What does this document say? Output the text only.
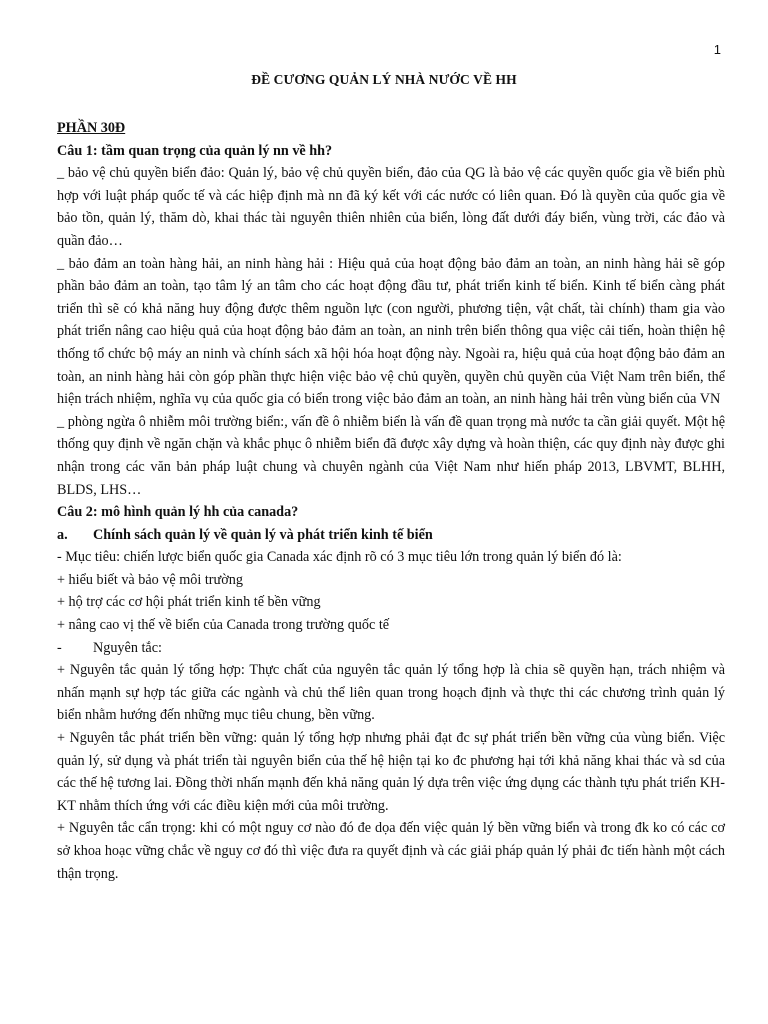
1
ĐỀ CƯƠNG QUẢN LÝ NHÀ NƯỚC VỀ HH

PHẦN 30Đ

Câu 1: tầm quan trọng của quản lý nn về hh?

_ bảo vệ chủ quyền biển đảo: Quản lý, bảo vệ chủ quyền biển, đảo của QG là bảo vệ các quyền quốc gia về biển phù hợp với luật pháp quốc tế và các hiệp định mà nn đã ký kết với các nước có liên quan. Đó là quyền của quốc gia về bảo tồn, quản lý, thăm dò, khai thác tài nguyên thiên nhiên của biển, lòng đất dưới đáy biển, vùng trời, các đảo và quần đảo…

_ bảo đảm an toàn hàng hải, an ninh hàng hải : Hiệu quả của hoạt động bảo đảm an toàn, an ninh hàng hải sẽ góp phần bảo đảm an toàn, tạo tâm lý an tâm cho các hoạt động đầu tư, phát triển kinh tế biển. Kinh tế biển càng phát triển thì sẽ có khả năng huy động được thêm nguồn lực (con người, phương tiện, vật chất, tài chính) tham gia vào phát triển nâng cao hiệu quả của hoạt động bảo đảm an toàn, an ninh trên biển thông qua việc cải tiến, hoàn thiện hệ thống tổ chức bộ máy an ninh và chính sách xã hội hóa hoạt động này. Ngoài ra, hiệu quả của hoạt động bảo đảm an toàn, an ninh hàng hải còn góp phần thực hiện việc bảo vệ chủ quyền, quyền chủ quyền của Việt Nam trên biển, thể hiện trách nhiệm, nghĩa vụ của quốc gia có biển trong việc bảo đảm an toàn, an ninh hàng hải trên vùng biển của VN

_ phòng ngừa ô nhiễm môi trường biển:, vấn đề ô nhiễm biển là vấn đề quan trọng mà nước ta cần giải quyết. Một hệ thống quy định về ngăn chặn và khắc phục ô nhiễm biển đã được xây dựng và hoàn thiện, các quy định này được ghi nhận trong các văn bản pháp luật chung và chuyên ngành của Việt Nam như hiến pháp 2013, LBVMT, BLHH, BLDS, LHS…

Câu 2: mô hình quản lý hh của canada?

a.	Chính sách quản lý về quản lý và phát triển kinh tế biển

- Mục tiêu: chiến lược biển quốc gia Canada xác định rõ có 3 mục tiêu lớn trong quản lý biển đó là:

+ hiểu biết và bảo vệ môi trường

+ hộ trợ các cơ hội phát triển kinh tế bền vững

+ nâng cao vị thế về biển của Canada trong trường quốc tế

-	Nguyên tắc:

+ Nguyên tắc quản lý tổng hợp: Thực chất của nguyên tắc quản lý tổng hợp là chia sẽ quyền hạn, trách nhiệm và nhấn mạnh sự hợp tác giữa các ngành và chủ thể liên quan trong hoạch định và thực thi các chương trình quản lý biển nhằm hướng đến những mục tiêu chung, bền vững.

+ Nguyên tắc phát triển bền vững: quản lý tổng hợp nhưng phải đạt đc sự phát triển bền vững của vùng biển. Việc quản lý, sử dụng và phát triển tài nguyên biển của thế hệ hiện tại ko đc phương hại tới khả năng khai thác và sd của các thế hệ tương lai. Đồng thời nhấn mạnh đến khả năng quản lý dựa trên việc ứng dụng các thành tựu phát triển KH-KT nhằm thích ứng với các điều kiện mới của môi trường.

+ Nguyên tắc cẩn trọng: khi có một nguy cơ nào đó đe dọa đến việc quản lý bền vững biển và trong đk ko có các cơ sở khoa hoạc vững chắc về nguy cơ đó thì việc đưa ra quyết định và các giải pháp quản lý phải đc tiến hành một cách thận trọng.
